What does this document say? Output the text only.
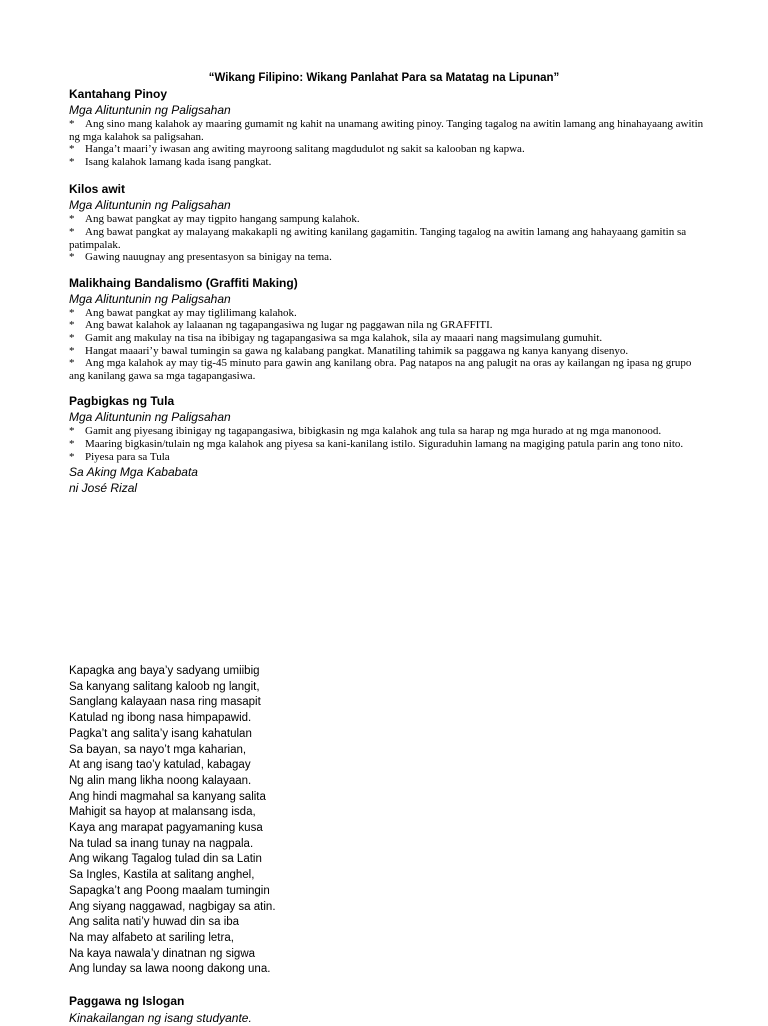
“Wikang Filipino: Wikang Panlahat Para sa Matatag na Lipunan”

Kantahang Pinoy

Mga Alituntunin ng Paligsahan

* Ang sino mang kalahok ay maaring gumamit ng kahit na unamang awiting pinoy. Tanging tagalog na awitin lamang ang hinahayaang awitin ng mga kalahok sa paligsahan.
* Hanga’t maari’y iwasan ang awiting mayroong salitang magdudulot ng sakit sa kalooban ng kapwa.
* Isang kalahok lamang kada isang pangkat.

Kilos awit

Mga Alituntunin ng Paligsahan

* Ang bawat pangkat ay may tigpito hangang sampung kalahok.
* Ang bawat pangkat ay malayang makakapli ng awiting kanilang gagamitin. Tanging tagalog na awitin lamang ang hahayaang gamitin sa patimpalak.
* Gawing nauugnay ang presentasyon sa binigay na tema.

Malikhaing Bandalismo (Graffiti Making)

Mga Alituntunin ng Paligsahan

* Ang bawat pangkat ay may tiglilimang kalahok.
* Ang bawat kalahok ay lalaanan ng tagapangasiwa ng lugar ng paggawan nila ng GRAFFITI.
* Gamit ang makulay na tisa na ibibigay ng tagapangasiwa sa mga kalahok, sila ay maaari nang magsimulang gumuhit.
* Hangat maaari’y bawal tumingin sa gawa ng kalabang pangkat. Manatiling tahimik sa paggawa ng kanya kanyang disenyo.
* Ang mga kalahok ay may tig-45 minuto para gawin ang kanilang obra. Pag natapos na ang palugit na oras ay kailangan ng ipasa ng grupo ang kanilang gawa sa mga tagapangasiwa.

Pagbigkas ng Tula

Mga Alituntunin ng Paligsahan

* Gamit ang piyesang ibinigay ng tagapangasiwa, bibigkasin ng mga kalahok ang tula sa harap ng mga hurado at ng mga manonood.
* Maaring bigkasin/tulain ng mga kalahok ang piyesa sa kani-kanilang istilo. Siguraduhin lamang na magiging patula parin ang tono nito.
* Piyesa para sa Tula

Sa Aking Mga Kababata

ni José Rizal

Kapagka ang baya’y sadyang umiibig

Sa kanyang salitang kaloob ng langit,

Sanglang kalayaan nasa ring masapit

Katulad ng ibong nasa himpapawid.

Pagka’t ang salita’y isang kahatulan

Sa bayan, sa nayo’t mga kaharian,

At ang isang tao’y katulad, kabagay

Ng alin mang likha noong kalayaan.

Ang hindi magmahal sa kanyang salita

Mahigit sa hayop at malansang isda,

Kaya ang marapat pagyamaning kusa

Na tulad sa inang tunay na nagpala.

Ang wikang Tagalog tulad din sa Latin

Sa Ingles, Kastila at salitang anghel,

Sapagka’t ang Poong maalam tumingin

Ang siyang naggawad, nagbigay sa atin.

Ang salita nati’y huwad din sa iba

Na may alfabeto at sariling letra,

Na kaya nawala’y dinatnan ng sigwa

Ang lunday sa lawa noong dakong una.

Paggawa ng Islogan

Kinakailangan ng isang studyante.
